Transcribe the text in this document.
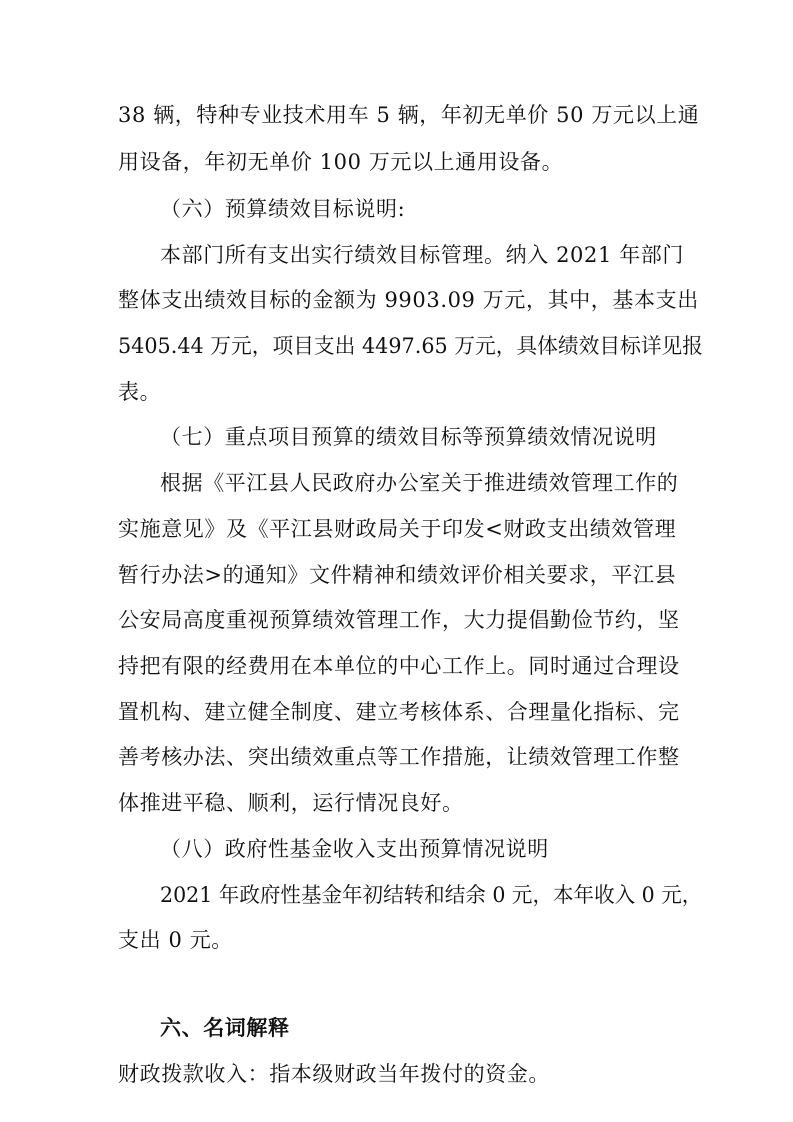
38 辆，特种专业技术用车 5 辆，年初无单价 50 万元以上通

用设备，年初无单价 100 万元以上通用设备。

（六）预算绩效目标说明:

本部门所有支出实行绩效目标管理。纳入 2021 年部门

整体支出绩效目标的金额为 9903.09 万元，其中，基本支出

5405.44 万元，项目支出 4497.65 万元，具体绩效目标详见报

表。

（七）重点项目预算的绩效目标等预算绩效情况说明

根据《平江县人民政府办公室关于推进绩效管理工作的

实施意见》及《平江县财政局关于印发<财政支出绩效管理

暂行办法>的通知》文件精神和绩效评价相关要求，平江县

公安局高度重视预算绩效管理工作，大力提倡勤俭节约，坚

持把有限的经费用在本单位的中心工作上。同时通过合理设

置机构、建立健全制度、建立考核体系、合理量化指标、完

善考核办法、突出绩效重点等工作措施，让绩效管理工作整

体推进平稳、顺利，运行情况良好。

（八）政府性基金收入支出预算情况说明

2021 年政府性基金年初结转和结余 0 元，本年收入 0 元，

支出 0 元。

六、名词解释

财政拨款收入：指本级财政当年拨付的资金。
